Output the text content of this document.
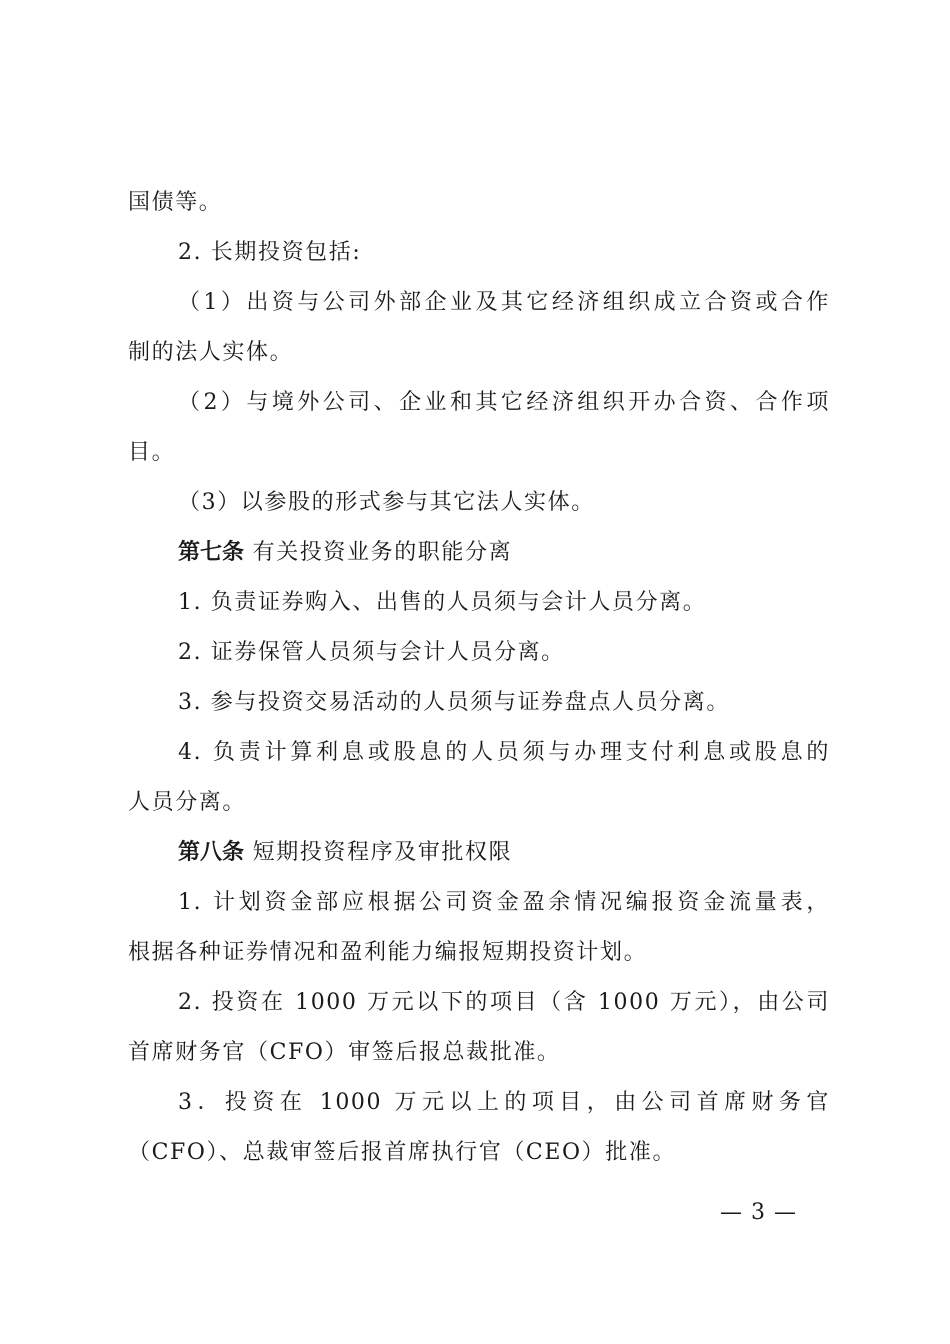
国债等。
2. 长期投资包括:
（1）出资与公司外部企业及其它经济组织成立合资或合作
制的法人实体。
（2）与境外公司、企业和其它经济组织开办合资、合作项
目。
（3）以参股的形式参与其它法人实体。
第七条 有关投资业务的职能分离
1. 负责证券购入、出售的人员须与会计人员分离。
2. 证券保管人员须与会计人员分离。
3. 参与投资交易活动的人员须与证券盘点人员分离。
4. 负责计算利息或股息的人员须与办理支付利息或股息的
人员分离。
第八条 短期投资程序及审批权限
1. 计划资金部应根据公司资金盈余情况编报资金流量表，
根据各种证券情况和盈利能力编报短期投资计划。
2. 投资在 1000 万元以下的项目（含 1000 万元），由公司
首席财务官（CFO）审签后报总裁批准。
3．投资在 1000 万元以上的项目，由公司首席财务官
（CFO）、总裁审签后报首席执行官（CEO）批准。
— 3 —
